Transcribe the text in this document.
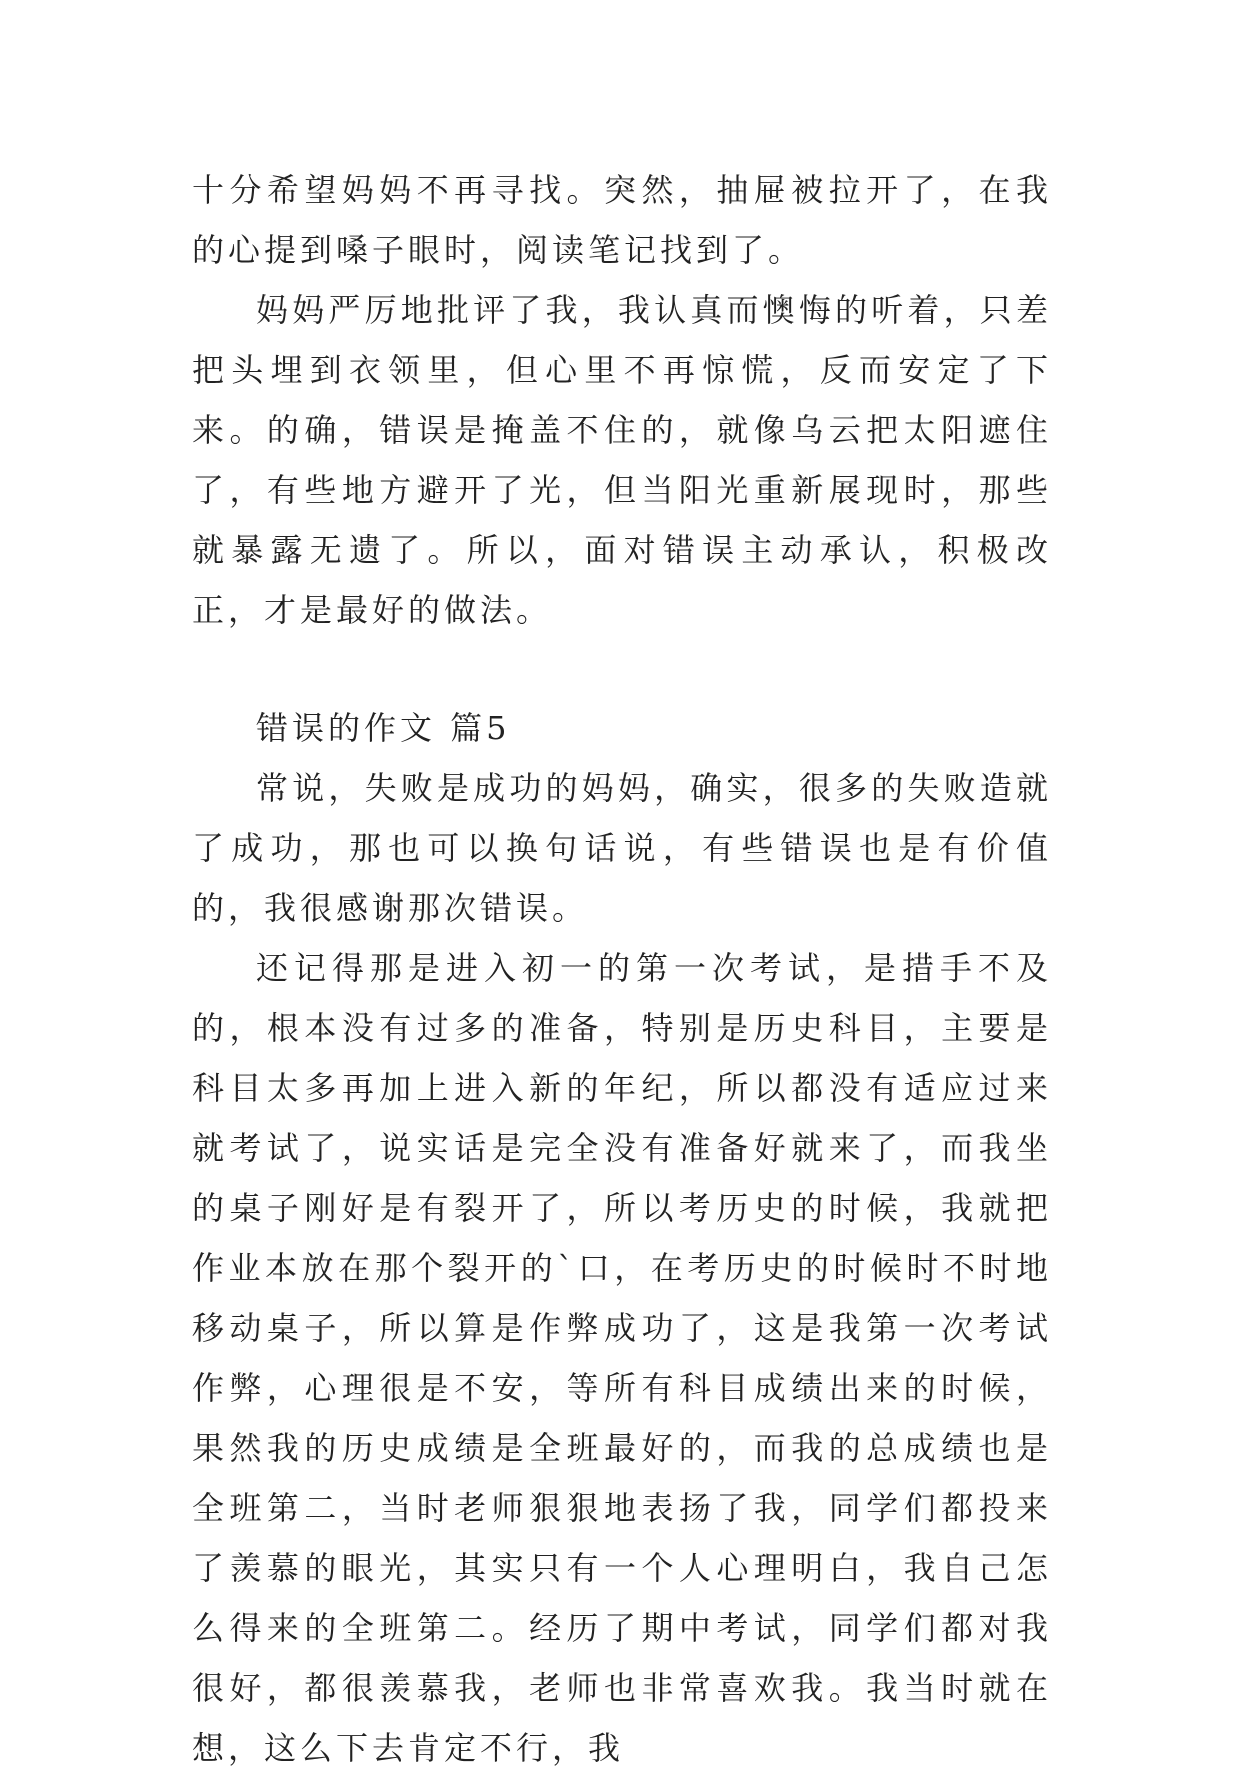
十分希望妈妈不再寻找。突然，抽屉被拉开了，在我的心提到嗓子眼时，阅读笔记找到了。

妈妈严厉地批评了我，我认真而懊悔的听着，只差把头埋到衣领里，但心里不再惊慌，反而安定了下来。的确，错误是掩盖不住的，就像乌云把太阳遮住了，有些地方避开了光，但当阳光重新展现时，那些就暴露无遗了。所以，面对错误主动承认，积极改正，才是最好的做法。

错误的作文 篇5

常说，失败是成功的妈妈，确实，很多的失败造就了成功，那也可以换句话说，有些错误也是有价值的，我很感谢那次错误。

还记得那是进入初一的第一次考试，是措手不及的，根本没有过多的准备，特别是历史科目，主要是科目太多再加上进入新的年纪，所以都没有适应过来就考试了，说实话是完全没有准备好就来了，而我坐的桌子刚好是有裂开了，所以考历史的时候，我就把作业本放在那个裂开的`口，在考历史的时候时不时地移动桌子，所以算是作弊成功了，这是我第一次考试作弊，心理很是不安，等所有科目成绩出来的时候，果然我的历史成绩是全班最好的，而我的总成绩也是全班第二，当时老师狠狠地表扬了我，同学们都投来了羡慕的眼光，其实只有一个人心理明白，我自己怎么得来的全班第二。经历了期中考试，同学们都对我很好，都很羡慕我，老师也非常喜欢我。我当时就在想，这么下去肯定不行，我
